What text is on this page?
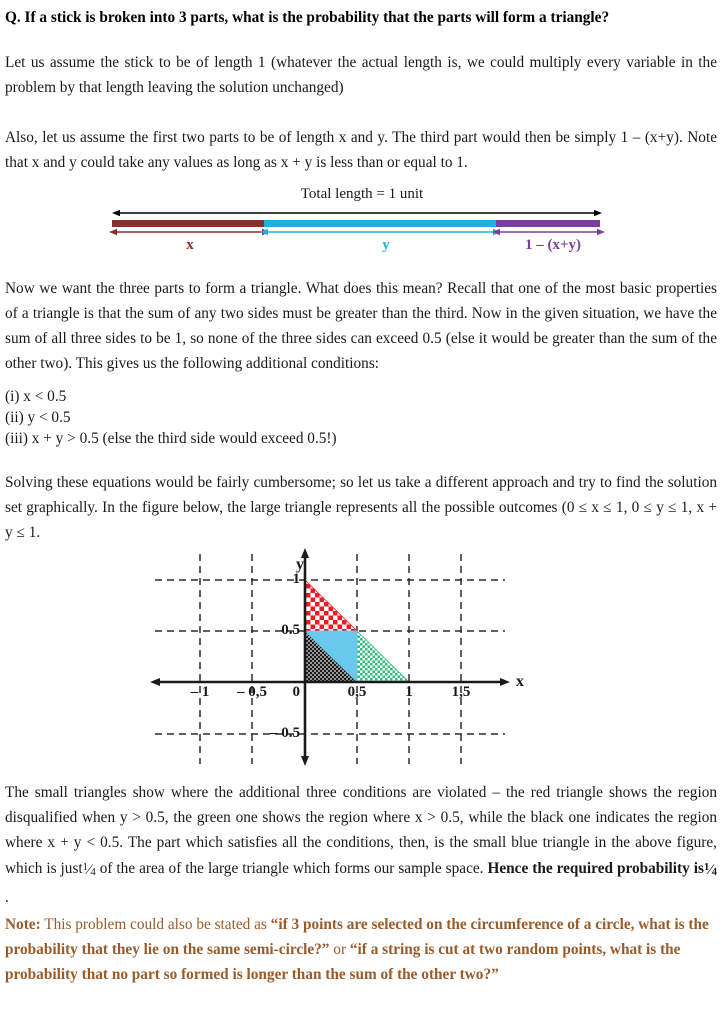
Q. If a stick is broken into 3 parts, what is the probability that the parts will form a triangle?

Let us assume the stick to be of length 1 (whatever the actual length is, we could multiply every variable in the problem by that length leaving the solution unchanged)

Also, let us assume the first two parts to be of length x and y. The third part would then be simply 1 – (x+y). Note that x and y could take any values as long as x + y is less than or equal to 1.

Total length = 1 unit
x	y	1 – (x+y)

Now we want the three parts to form a triangle. What does this mean? Recall that one of the most basic properties of a triangle is that the sum of any two sides must be greater than the third. Now in the given situation, we have the sum of all three sides to be 1, so none of the three sides can exceed 0.5 (else it would be greater than the sum of the other two). This gives us the following additional conditions:

(i) x < 0.5

(ii) y < 0.5

(iii) x + y > 0.5 (else the third side would exceed 0.5!)

Solving these equations would be fairly cumbersome; so let us take a different approach and try to find the solution set graphically. In the figure below, the large triangle represents all the possible outcomes (0 ≤ x ≤ 1, 0 ≤ y ≤ 1, x + y ≤ 1.

y
x
1
0.5
0
– 0.5
– 1	– 0,5	0,5	1	1,5

The small triangles show where the additional three conditions are violated – the red triangle shows the region disqualified when y > 0.5, the green one shows the region where x > 0.5, while the black one indicates the region where x + y < 0.5. The part which satisfies all the conditions, then, is the small blue triangle in the above figure, which is $just^1⁄_4$ of the area of the large triangle which forms our sample space. Hence the required probability $is^1⁄_4$.

Note: This problem could also be stated as “if 3 points are selected on the circumference of a circle, what is the probability that they lie on the same semi-circle?” or “if a string is cut at two random points, what is the probability that no part so formed is longer than the sum of the other two?”
